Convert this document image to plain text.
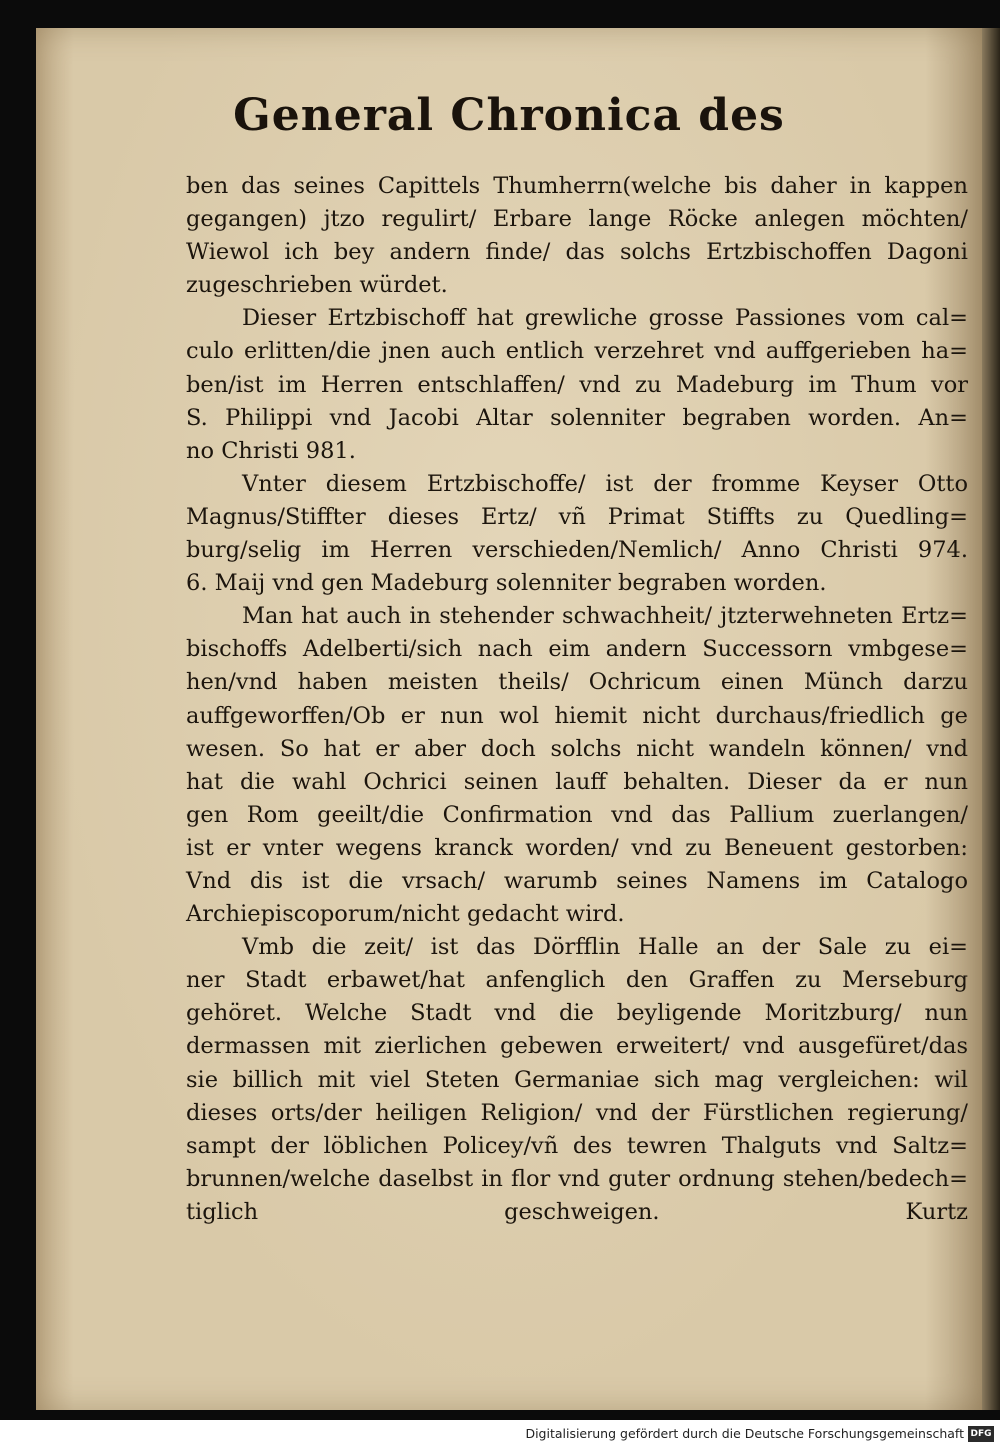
General Chronica des
ben das seines Capittels Thumherrn(welche bis daher in kappen
gegangen) jtzo regulirt/ Erbare lange Röcke anlegen möchten/
Wiewol ich bey andern finde/ das solchs Ertzbischoffen Dagoni
zugeschrieben würdet.
Dieser Ertzbischoff hat grewliche grosse Passiones vom cal=
culo erlitten/die jnen auch entlich verzehret vnd auffgerieben ha=
ben/ist im Herren entschlaffen/ vnd zu Madeburg im Thum vor
S. Philippi vnd Jacobi Altar solenniter begraben worden. An=
no Christi 981.
Vnter diesem Ertzbischoffe/ ist der fromme Keyser Otto
Magnus/Stiffter dieses Ertz/ vñ Primat Stiffts zu Quedling=
burg/selig im Herren verschieden/Nemlich/ Anno Christi 974.
6. Maij vnd gen Madeburg solenniter begraben worden.
Man hat auch in stehender schwachheit/ jtzterwehneten Ertz=
bischoffs Adelberti/sich nach eim andern Successorn vmbgese=
hen/vnd haben meisten theils/ Ochricum einen Münch darzu
auffgeworffen/Ob er nun wol hiemit nicht durchaus/friedlich ge
wesen. So hat er aber doch solchs nicht wandeln können/ vnd
hat die wahl Ochrici seinen lauff behalten. Dieser da er nun
gen Rom geeilt/die Confirmation vnd das Pallium zuerlangen/
ist er vnter wegens kranck worden/ vnd zu Beneuent gestorben:
Vnd dis ist die vrsach/ warumb seines Namens im Catalogo
Archiepiscoporum/nicht gedacht wird.
Vmb die zeit/ ist das Dörfflin Halle an der Sale zu ei=
ner Stadt erbawet/hat anfenglich den Graffen zu Merseburg
gehöret. Welche Stadt vnd die beyligende Moritzburg/ nun
dermassen mit zierlichen gebewen erweitert/ vnd ausgefüret/das
sie billich mit viel Steten Germaniae sich mag vergleichen: wil
dieses orts/der heiligen Religion/ vnd der Fürstlichen regierung/
sampt der löblichen Policey/vñ des tewren Thalguts vnd Saltz=
brunnen/welche daselbst in flor vnd guter ordnung stehen/bedech=
tiglich geschweigen. Kurtz
Digitalisierung gefördert durch die Deutsche Forschungsgemeinschaft DFG
